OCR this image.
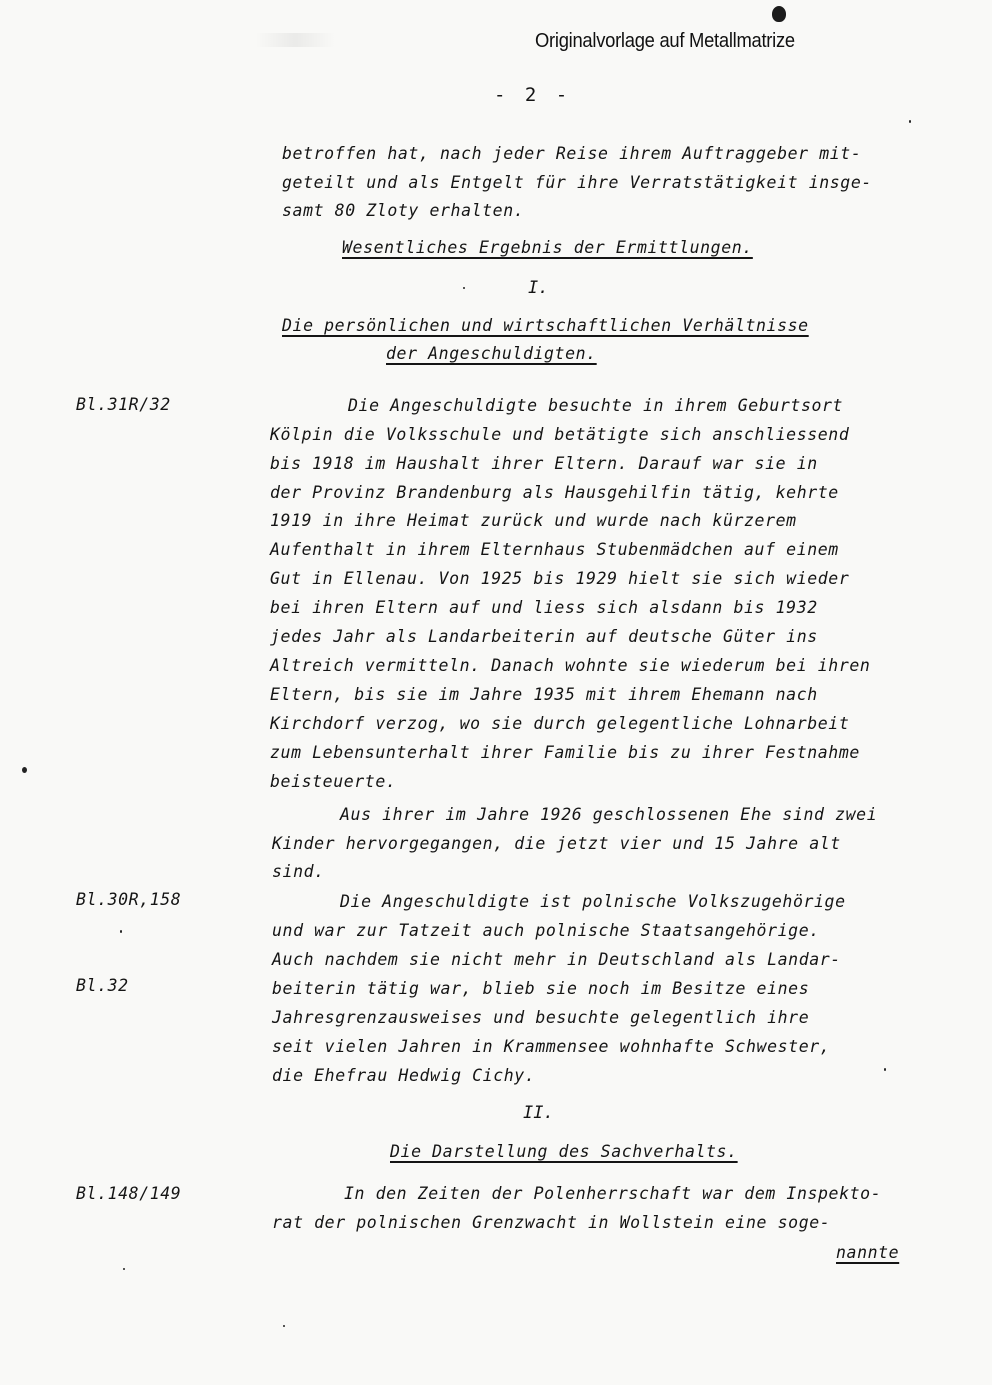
Originalvorlage auf Metallmatrize
- 2 -
betroffen hat, nach jeder Reise ihrem Auftraggeber mit-
geteilt und als Entgelt für ihre Verratstätigkeit insge-
samt 80 Zloty erhalten.
Wesentliches Ergebnis der Ermittlungen.
I.
Die persönlichen und wirtschaftlichen Verhältnisse
der Angeschuldigten.
Bl.31R/32
Bl.30R,158
Bl.32
Bl.148/149
Die Angeschuldigte besuchte in ihrem Geburtsort
Kölpin die Volksschule und betätigte sich anschliessend
bis 1918 im Haushalt ihrer Eltern. Darauf war sie in
der Provinz Brandenburg als Hausgehilfin tätig, kehrte
1919 in ihre Heimat zurück und wurde nach kürzerem
Aufenthalt in ihrem Elternhaus Stubenmädchen auf einem
Gut in Ellenau. Von 1925 bis 1929 hielt sie sich wieder
bei ihren Eltern auf und liess sich alsdann bis 1932
jedes Jahr als Landarbeiterin auf deutsche Güter ins
Altreich vermitteln. Danach wohnte sie wiederum bei ihren
Eltern, bis sie im Jahre 1935 mit ihrem Ehemann nach
Kirchdorf verzog, wo sie durch gelegentliche Lohnarbeit
zum Lebensunterhalt ihrer Familie bis zu ihrer Festnahme
beisteuerte.
Aus ihrer im Jahre 1926 geschlossenen Ehe sind zwei
Kinder hervorgegangen, die jetzt vier und 15 Jahre alt
sind.
Die Angeschuldigte ist polnische Volkszugehörige
und war zur Tatzeit auch polnische Staatsangehörige.
Auch nachdem sie nicht mehr in Deutschland als Landar-
beiterin tätig war, blieb sie noch im Besitze eines
Jahresgrenzausweises und besuchte gelegentlich ihre
seit vielen Jahren in Krammensee wohnhafte Schwester,
die Ehefrau Hedwig Cichy.
II.
Die Darstellung des Sachverhalts.
In den Zeiten der Polenherrschaft war dem Inspekto-
rat der polnischen Grenzwacht in Wollstein eine soge-
nannte
